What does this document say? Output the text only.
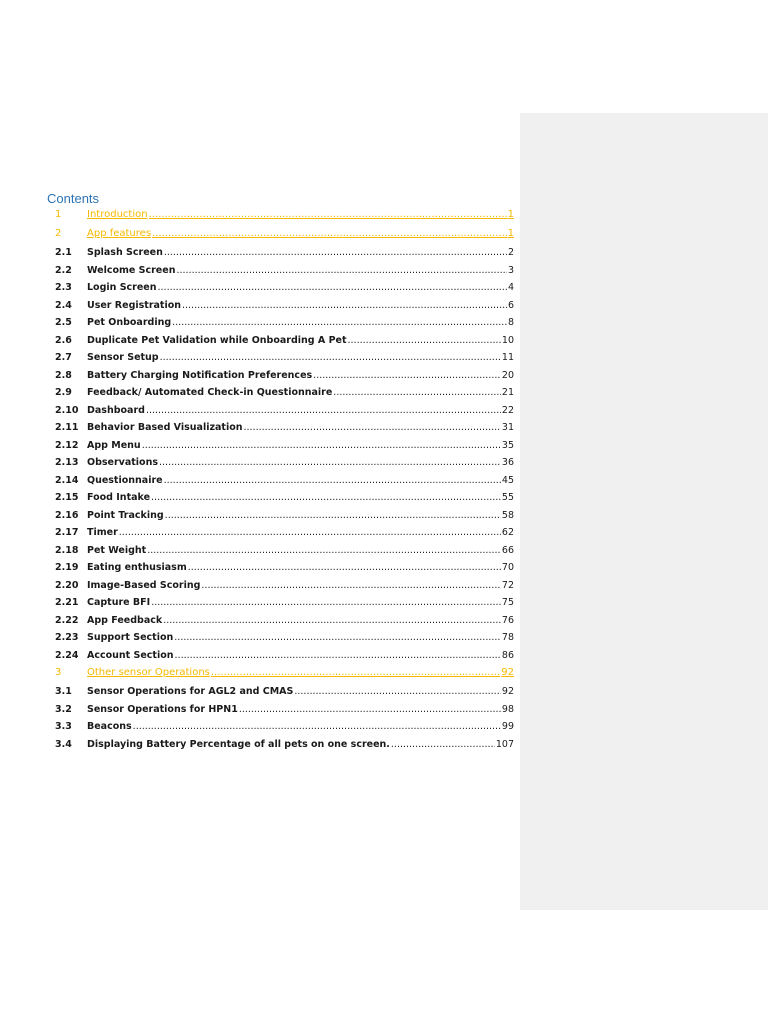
Contents
1	Introduction .....	1
2	App features .....	1
2.1	Splash Screen .....	2
2.2	Welcome Screen .....	3
2.3	Login Screen .....	4
2.4	User Registration .....	6
2.5	Pet Onboarding .....	8
2.6	Duplicate Pet Validation while Onboarding A Pet .....	10
2.7	Sensor Setup .....	11
2.8	Battery Charging Notification Preferences .....	20
2.9	Feedback/ Automated Check-in Questionnaire .....	21
2.10 Dashboard .....	22
2.11 Behavior Based Visualization .....	31
2.12 App Menu .....	35
2.13 Observations .....	36
2.14 Questionnaire .....	45
2.15 Food Intake .....	55
2.16 Point Tracking .....	58
2.17 Timer .....	62
2.18 Pet Weight .....	66
2.19 Eating enthusiasm .....	70
2.20 Image-Based Scoring .....	72
2.21 Capture BFI .....	75
2.22 App Feedback .....	76
2.23 Support Section .....	78
2.24 Account Section .....	86
3	Other sensor Operations .....	92
3.1	Sensor Operations for AGL2 and CMAS .....	92
3.2	Sensor Operations for HPN1 .....	98
3.3	Beacons .....	99
3.4	Displaying Battery Percentage of all pets on one screen. .....	107
